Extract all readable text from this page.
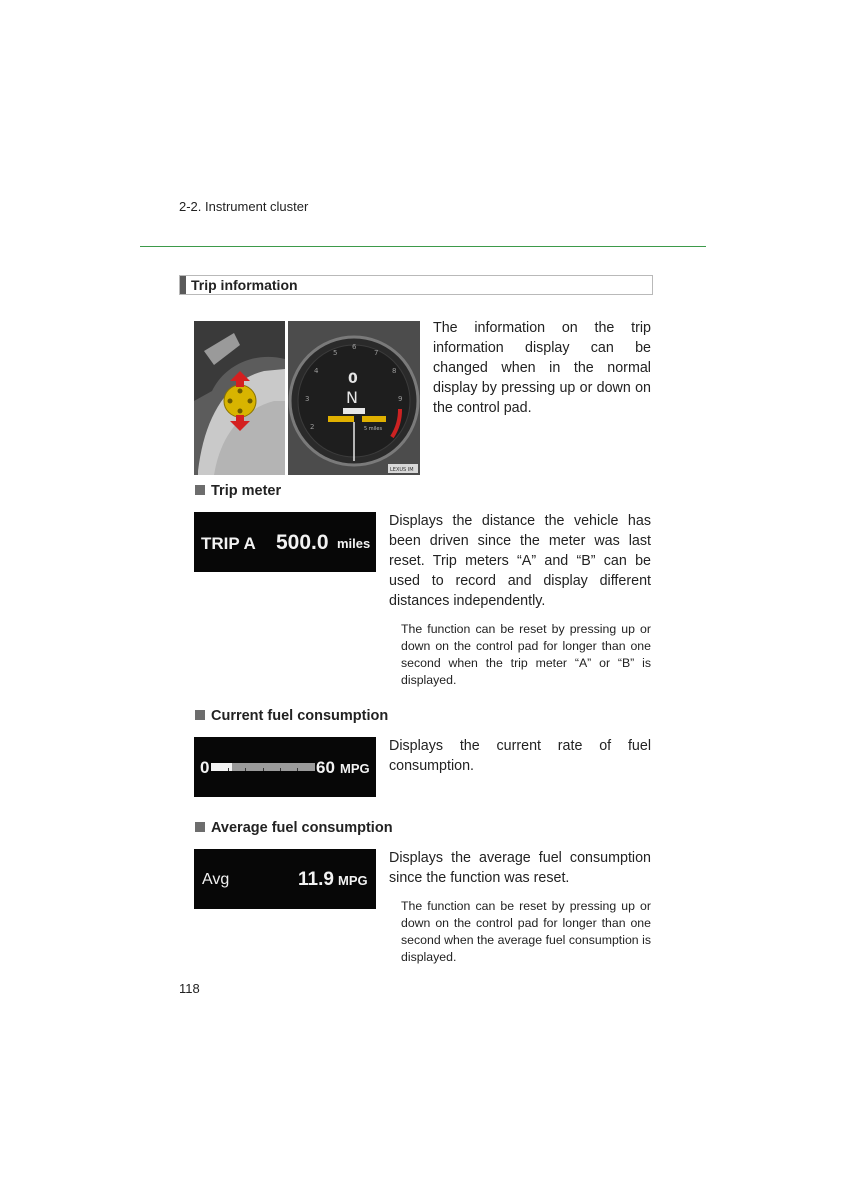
2-2. Instrument cluster
Trip information
2
3
4
5
6
7
8
9
0
N
5 miles
LEXUS IM
The information on the trip information display can be changed when in the normal display by pressing up or down on the control pad.
Trip meter
TRIP A 500.0 miles
Displays the distance the vehicle has been driven since the meter was last reset. Trip meters “A” and “B” can be used to record and display different distances independently.
The function can be reset by pressing up or down on the control pad for longer than one second when the trip meter “A” or “B” is displayed.
Current fuel consumption
0	60 MPG
Displays the current rate of fuel consumption.
Average fuel consumption
Avg	11.9 MPG
Displays the average fuel consumption since the function was reset.
The function can be reset by pressing up or down on the control pad for longer than one second when the average fuel consumption is displayed.
118
